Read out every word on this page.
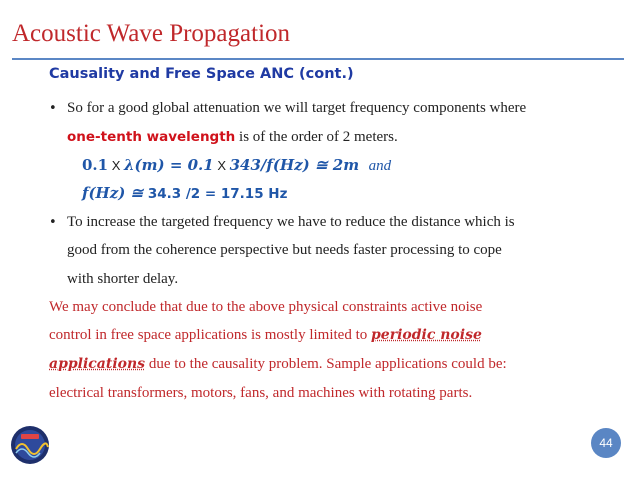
Acoustic Wave Propagation
Causality and Free Space ANC (cont.)
• So for a good global attenuation we will target frequency components where
one-tenth wavelength is of the order of 2 meters.
0.1 X λ(m) = 0.1 X 343/f(Hz) ≅ 2m and
f(Hz) ≅ 34.3 /2 = 17.15 Hz
• To increase the targeted frequency we have to reduce the distance which is
good from the coherence perspective but needs faster processing to cope
with shorter delay.
We may conclude that due to the above physical constraints active noise
control in free space applications is mostly limited to periodic noise
applications due to the causality problem. Sample applications could be:
electrical transformers, motors, fans, and machines with rotating parts.
44
